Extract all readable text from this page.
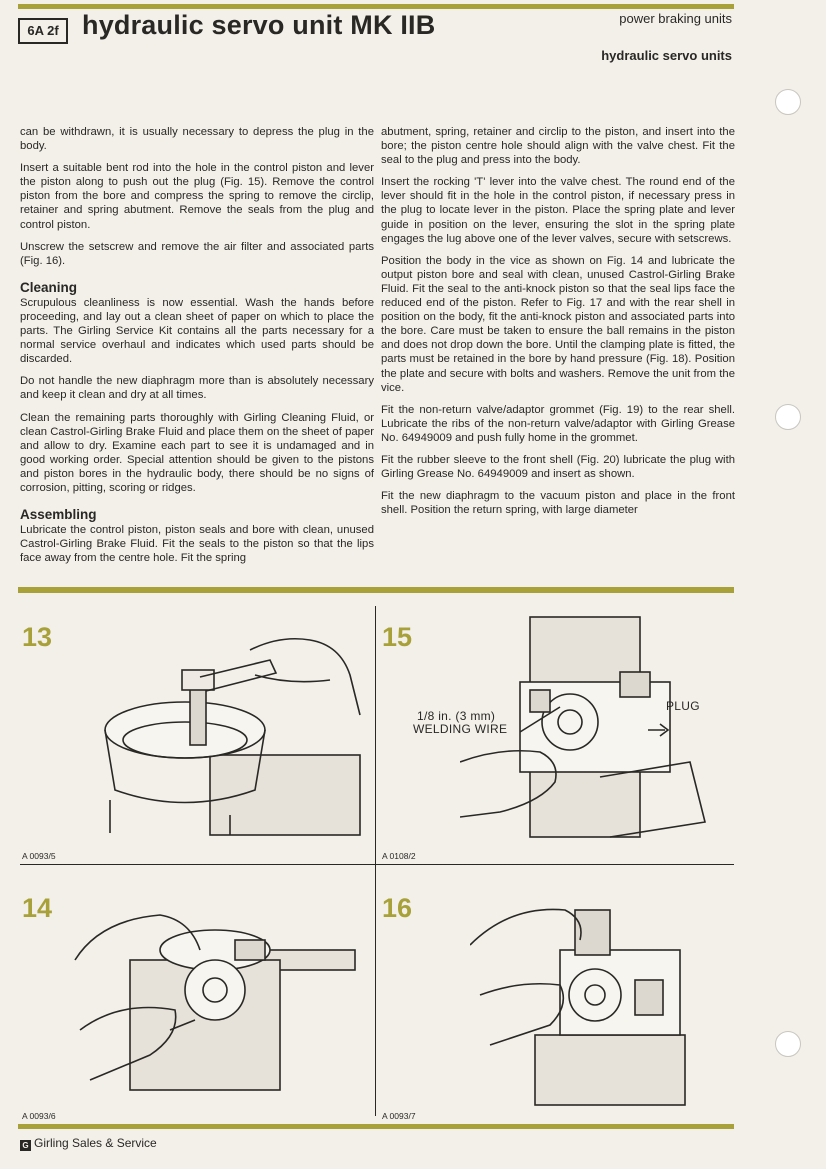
6A 2f hydraulic servo unit MK IIB	power braking units
hydraulic servo units

can be withdrawn, it is usually necessary to depress the plug in the body.

Insert a suitable bent rod into the hole in the control piston and lever the piston along to push out the plug (Fig. 15). Remove the control piston from the bore and compress the spring to remove the circlip, retainer and spring abutment. Remove the seals from the plug and control piston.

Unscrew the setscrew and remove the air filter and associated parts (Fig. 16).

Cleaning

Scrupulous cleanliness is now essential. Wash the hands before proceeding, and lay out a clean sheet of paper on which to place the parts. The Girling Service Kit contains all the parts necessary for a normal service overhaul and indicates which used parts should be discarded.

Do not handle the new diaphragm more than is absolutely necessary and keep it clean and dry at all times.

Clean the remaining parts thoroughly with Girling Cleaning Fluid, or clean Castrol-Girling Brake Fluid and place them on the sheet of paper and allow to dry. Examine each part to see it is undamaged and in good working order. Special attention should be given to the pistons and piston bores in the hydraulic body, there should be no signs of corrosion, pitting, scoring or ridges.

Assembling

Lubricate the control piston, piston seals and bore with clean, unused Castrol-Girling Brake Fluid. Fit the seals to the piston so that the lips face away from the centre hole. Fit the spring

abutment, spring, retainer and circlip to the piston, and insert into the bore; the piston centre hole should align with the valve chest. Fit the seal to the plug and press into the body.

Insert the rocking 'T' lever into the valve chest. The round end of the lever should fit in the hole in the control piston, if necessary press in the plug to locate lever in the piston. Place the spring plate and lever guide in position on the lever, ensuring the slot in the spring plate engages the lug above one of the lever valves, secure with setscrews.

Position the body in the vice as shown on Fig. 14 and lubricate the output piston bore and seal with clean, unused Castrol-Girling Brake Fluid. Fit the seal to the anti-knock piston so that the seal lips face the reduced end of the piston. Refer to Fig. 17 and with the rear shell in position on the body, fit the anti-knock piston and associated parts into the bore. Care must be taken to ensure the ball remains in the piston and does not drop down the bore. Until the clamping plate is fitted, the parts must be retained in the bore by hand pressure (Fig. 18). Position the plate and secure with bolts and washers. Remove the unit from the vice.

Fit the non-return valve/adaptor grommet (Fig. 19) to the rear shell. Lubricate the ribs of the non-return valve/adaptor with Girling Grease No. 64949009 and push fully home in the grommet.

Fit the rubber sleeve to the front shell (Fig. 20) lubricate the plug with Girling Grease No. 64949009 and insert as shown.

Fit the new diaphragm to the vacuum piston and place in the front shell. Position the return spring, with large diameter

13
A 0093/5
15
1/8 in. (3 mm)
WELDING WIRE
PLUG
A 0108/2
14
A 0093/6
16
A 0093/7
G Girling Sales & Service
